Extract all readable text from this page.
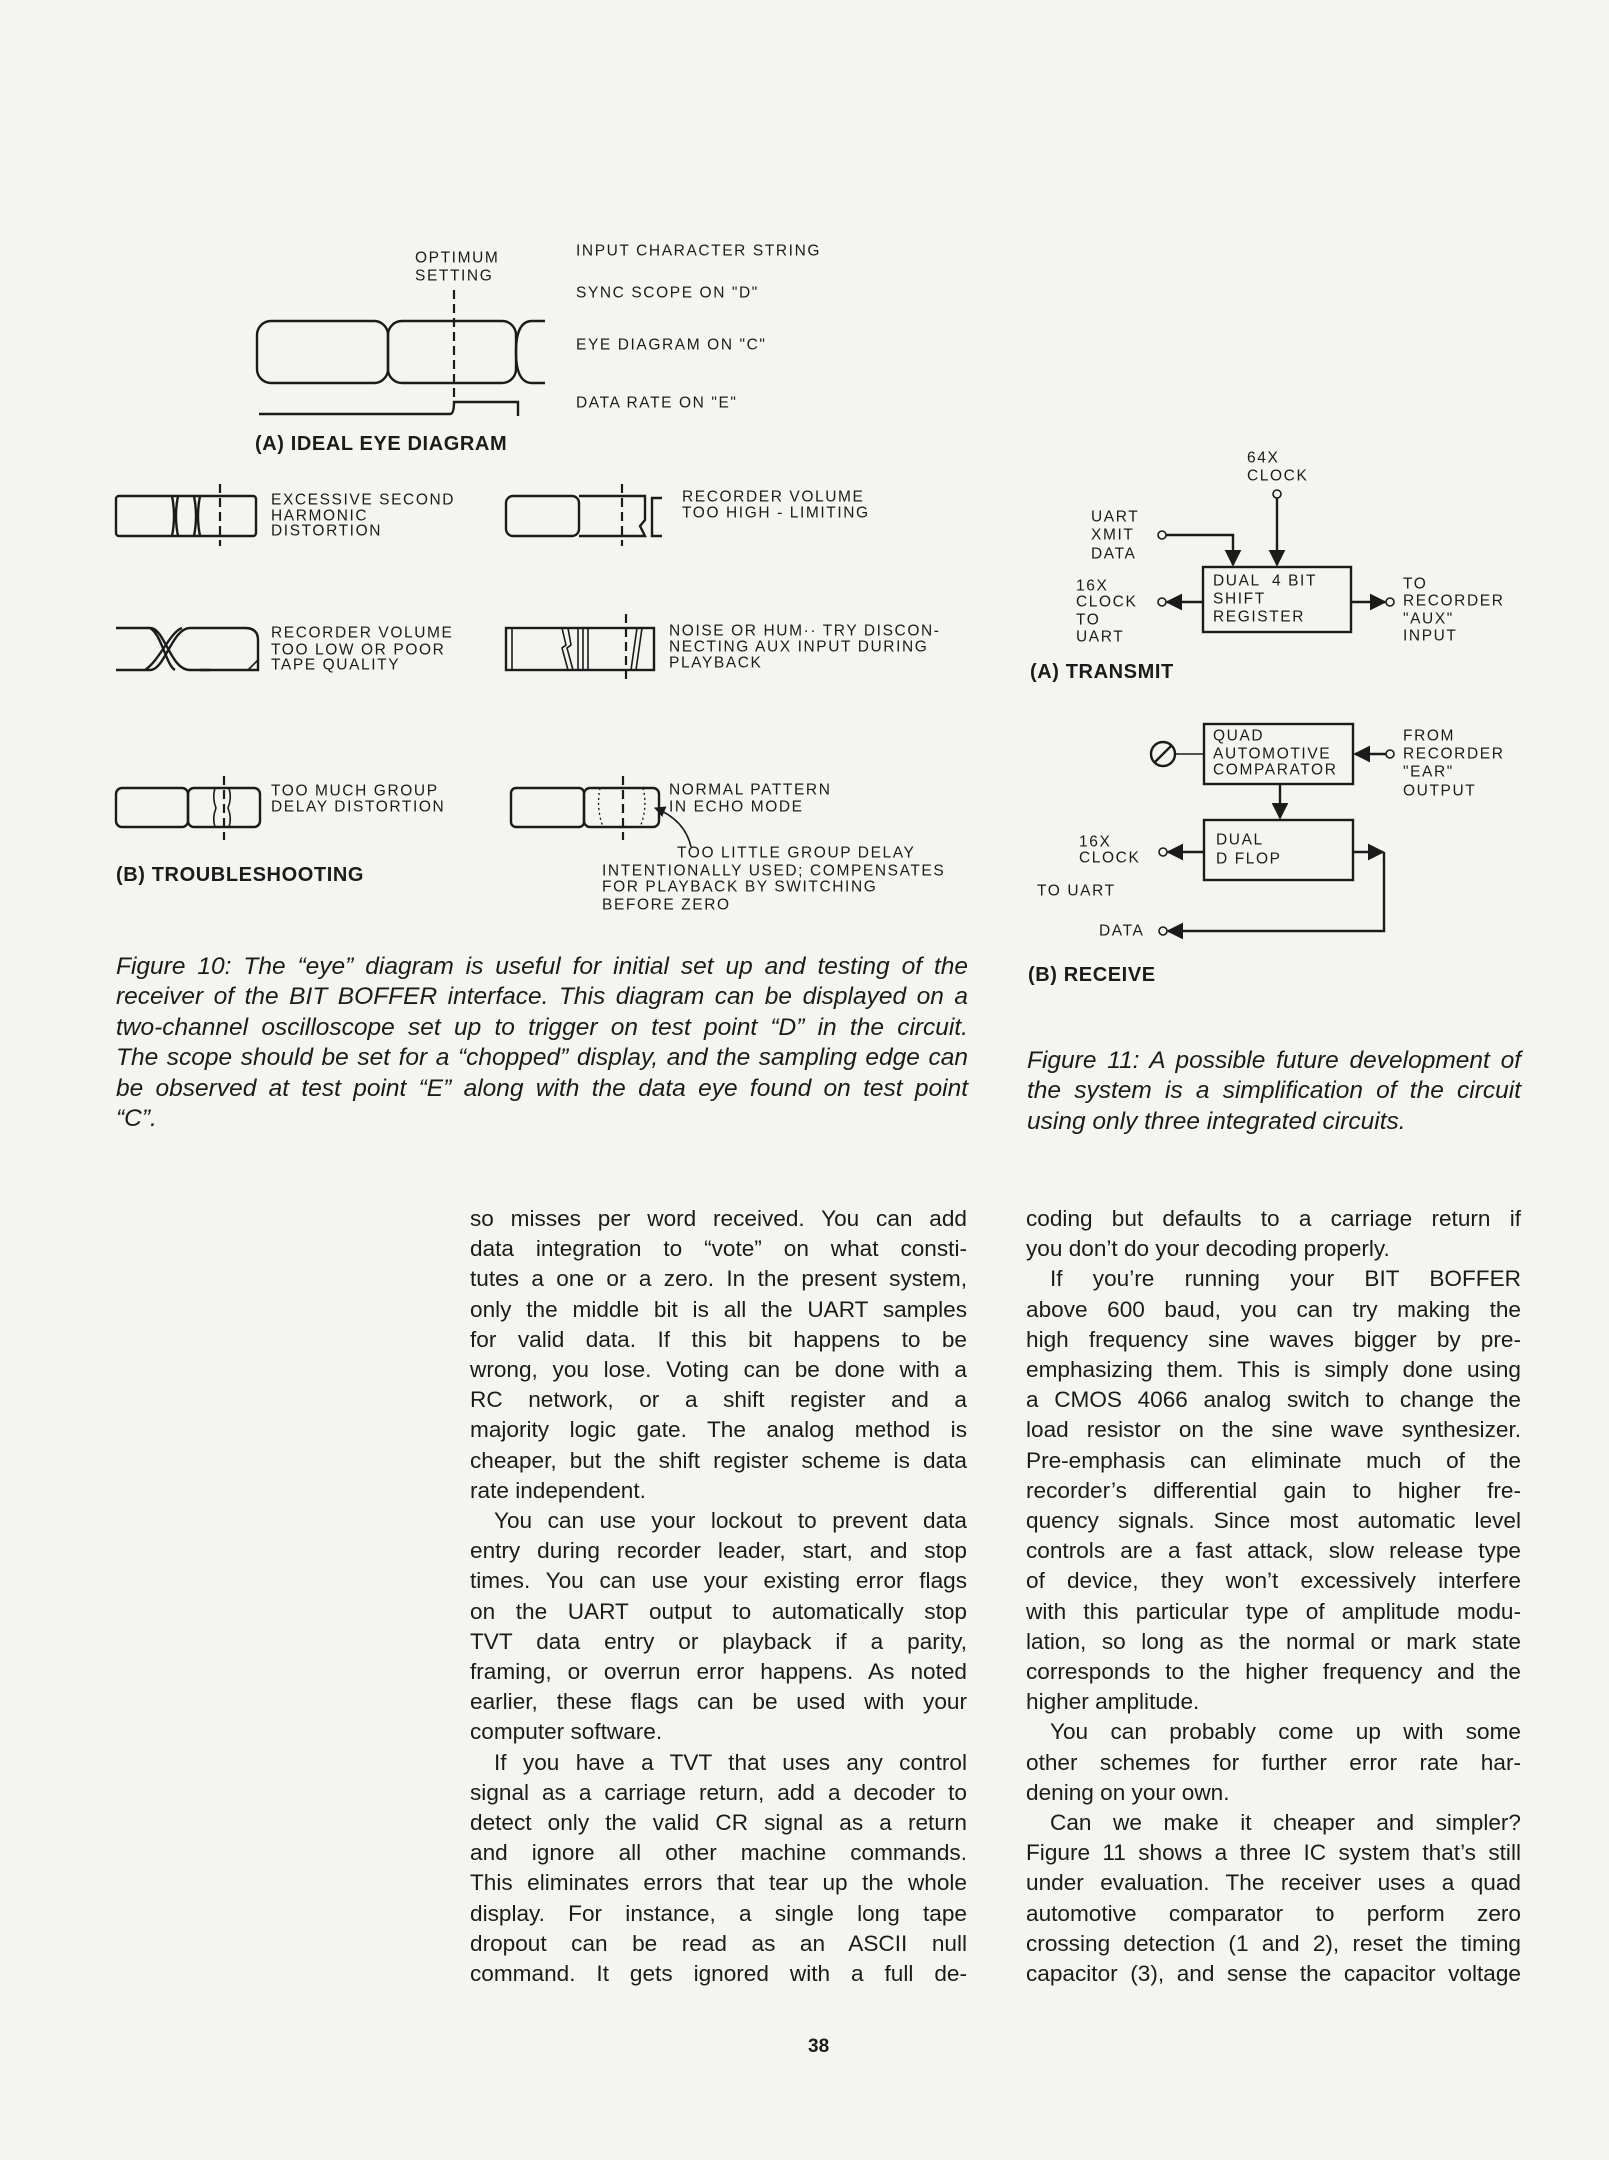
OPTIMUM
SETTING
INPUT CHARACTER STRING
SYNC SCOPE ON "D"
EYE DIAGRAM ON "C"
DATA RATE ON "E"
(A) IDEAL EYE DIAGRAM
EXCESSIVE SECOND
HARMONIC
DISTORTION
RECORDER VOLUME
TOO HIGH - LIMITING
RECORDER VOLUME
TOO LOW OR POOR
TAPE QUALITY
NOISE OR HUM·· TRY DISCON-
NECTING AUX INPUT DURING
PLAYBACK
TOO MUCH GROUP
DELAY DISTORTION
NORMAL PATTERN
IN ECHO MODE
TOO LITTLE GROUP DELAY
INTENTIONALLY USED; COMPENSATES
FOR PLAYBACK BY SWITCHING
BEFORE ZERO
(B) TROUBLESHOOTING
64X
CLOCK
UART
XMIT
DATA
16X
CLOCK
TO
UART
DUAL  4 BIT
SHIFT
REGISTER
TO
RECORDER
"AUX"
INPUT
(A) TRANSMIT
QUAD
AUTOMOTIVE
COMPARATOR
FROM
RECORDER
"EAR"
OUTPUT
DUAL
D FLOP
16X
CLOCK
TO UART
DATA
(B) RECEIVE
Figure 10: The “eye” diagram is useful for initial set up and testing of the
receiver of the BIT BOFFER interface. This diagram can be displayed on a
two-channel oscilloscope set up to trigger on test point “D” in the circuit.
The scope should be set for a “chopped” display, and the sampling edge can
be observed at test point “E” along with the data eye found on test point
“C”.
Figure 11: A possible future development of
the system is a simplification of the circuit
using only three integrated circuits.
so misses per word received. You can add
data integration to “vote” on what consti-
tutes a one or a zero. In the present system,
only the middle bit is all the UART samples
for valid data. If this bit happens to be
wrong, you lose. Voting can be done with a
RC network, or a shift register and a
majority logic gate. The analog method is
cheaper, but the shift register scheme is data
rate independent.
You can use your lockout to prevent data
entry during recorder leader, start, and stop
times. You can use your existing error flags
on the UART output to automatically stop
TVT data entry or playback if a parity,
framing, or overrun error happens. As noted
earlier, these flags can be used with your
computer software.
If you have a TVT that uses any control
signal as a carriage return, add a decoder to
detect only the valid CR signal as a return
and ignore all other machine commands.
This eliminates errors that tear up the whole
display. For instance, a single long tape
dropout can be read as an ASCII null
command. It gets ignored with a full de-
coding but defaults to a carriage return if
you don’t do your decoding properly.
If you’re running your BIT BOFFER
above 600 baud, you can try making the
high frequency sine waves bigger by pre-
emphasizing them. This is simply done using
a CMOS 4066 analog switch to change the
load resistor on the sine wave synthesizer.
Pre-emphasis can eliminate much of the
recorder’s differential gain to higher fre-
quency signals. Since most automatic level
controls are a fast attack, slow release type
of device, they won’t excessively interfere
with this particular type of amplitude modu-
lation, so long as the normal or mark state
corresponds to the higher frequency and the
higher amplitude.
You can probably come up with some
other schemes for further error rate har-
dening on your own.
Can we make it cheaper and simpler?
Figure 11 shows a three IC system that’s still
under evaluation. The receiver uses a quad
automotive comparator to perform zero
crossing detection (1 and 2), reset the timing
capacitor (3), and sense the capacitor voltage
38
